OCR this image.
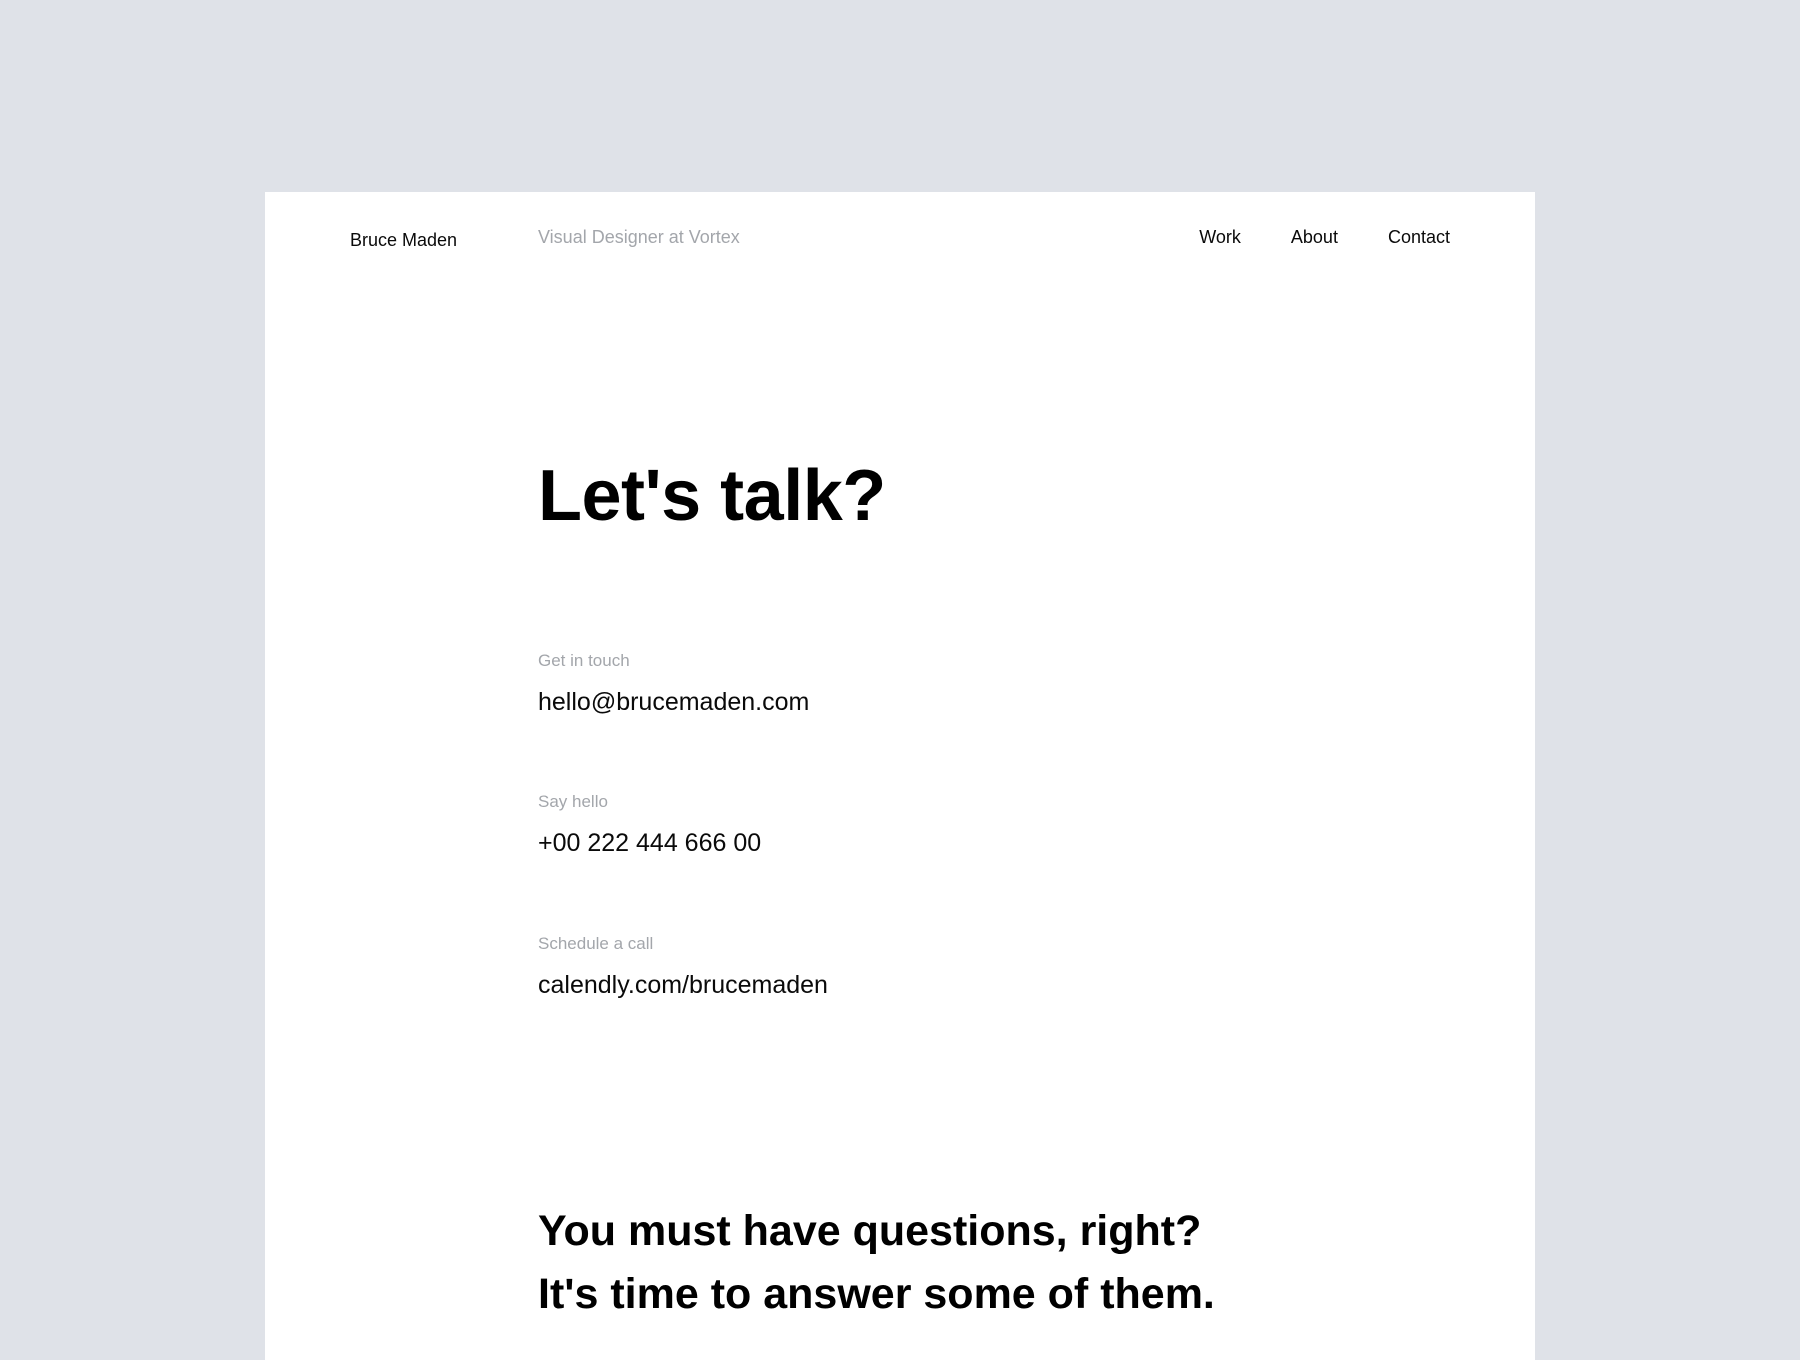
Bruce Maden	Visual Designer at Vortex	Work	About	Contact
Let's talk?
Get in touch
hello@brucemaden.com
Say hello
+00 222 444 666 00
Schedule a call
calendly.com/brucemaden
You must have questions, right?
It's time to answer some of them.
